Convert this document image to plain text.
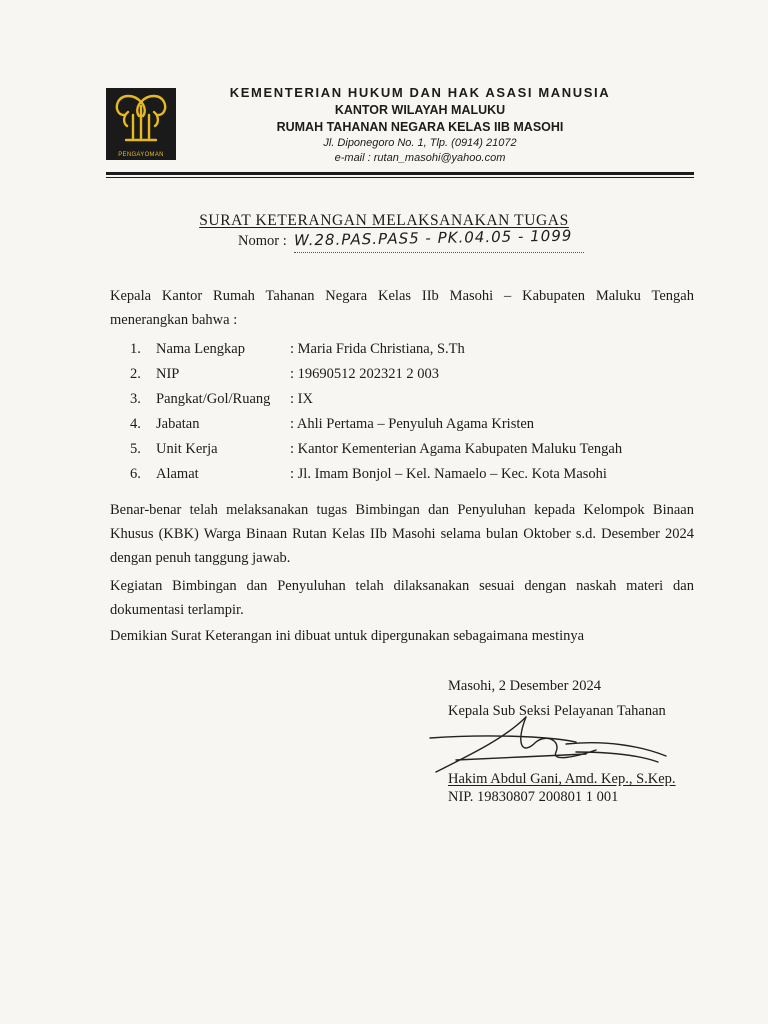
PENGAYOMAN
KEMENTERIAN HUKUM DAN HAK ASASI MANUSIA
KANTOR WILAYAH MALUKU
RUMAH TAHANAN NEGARA KELAS IIB MASOHI
Jl. Diponegoro No. 1, Tlp. (0914) 21072
e-mail : rutan_masohi@yahoo.com
SURAT KETERANGAN MELAKSANAKAN TUGAS
Nomor : W.28.PAS.PAS5 - PK.04.05 - 1099
Kepala Kantor Rumah Tahanan Negara Kelas IIb Masohi – Kabupaten Maluku Tengah menerangkan bahwa :
1.	Nama Lengkap	: Maria Frida Christiana, S.Th
2.	NIP	: 19690512 202321 2 003
3.	Pangkat/Gol/Ruang : IX
4.	Jabatan	: Ahli Pertama – Penyuluh Agama Kristen
5.	Unit Kerja	: Kantor Kementerian Agama Kabupaten Maluku Tengah
6.	Alamat	: Jl. Imam Bonjol – Kel. Namaelo – Kec. Kota Masohi
Benar-benar telah melaksanakan tugas Bimbingan dan Penyuluhan kepada Kelompok Binaan Khusus (KBK) Warga Binaan Rutan Kelas IIb Masohi selama bulan Oktober s.d. Desember 2024 dengan penuh tanggung jawab.
Kegiatan Bimbingan dan Penyuluhan telah dilaksanakan sesuai dengan naskah materi dan dokumentasi terlampir.
Demikian Surat Keterangan ini dibuat untuk dipergunakan sebagaimana mestinya
Masohi, 2 Desember 2024
Kepala Sub Seksi Pelayanan Tahanan
Hakim Abdul Gani, Amd. Kep., S.Kep.
NIP. 19830807 200801 1 001
